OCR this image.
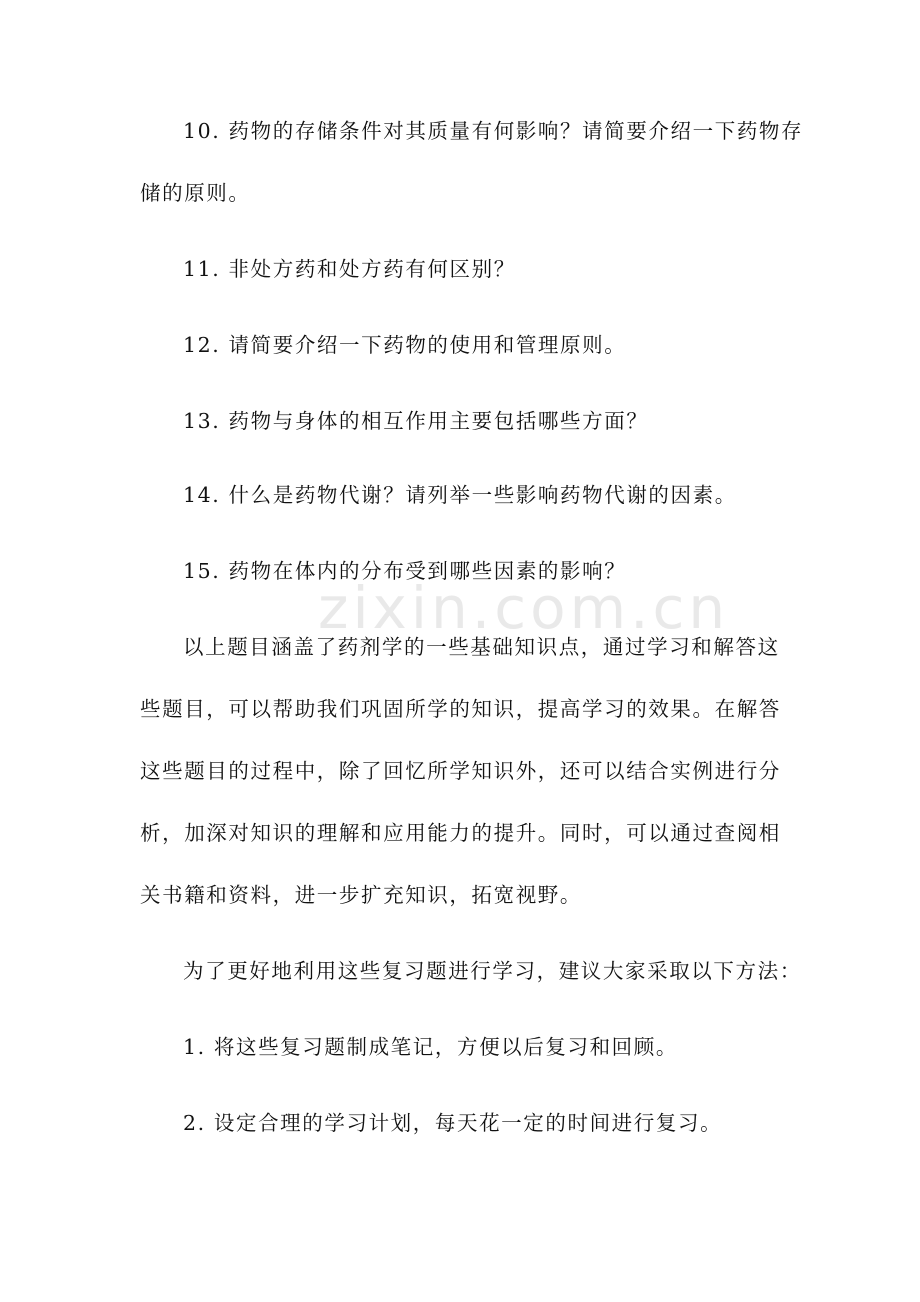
zixin.com.cn
10. 药物的存储条件对其质量有何影响？请简要介绍一下药物存
储的原则。
11. 非处方药和处方药有何区别？
12. 请简要介绍一下药物的使用和管理原则。
13. 药物与身体的相互作用主要包括哪些方面？
14. 什么是药物代谢？请列举一些影响药物代谢的因素。
15. 药物在体内的分布受到哪些因素的影响？
以上题目涵盖了药剂学的一些基础知识点，通过学习和解答这
些题目，可以帮助我们巩固所学的知识，提高学习的效果。在解答
这些题目的过程中，除了回忆所学知识外，还可以结合实例进行分
析，加深对知识的理解和应用能力的提升。同时，可以通过查阅相
关书籍和资料，进一步扩充知识，拓宽视野。
为了更好地利用这些复习题进行学习，建议大家采取以下方法：
1. 将这些复习题制成笔记，方便以后复习和回顾。
2. 设定合理的学习计划，每天花一定的时间进行复习。
